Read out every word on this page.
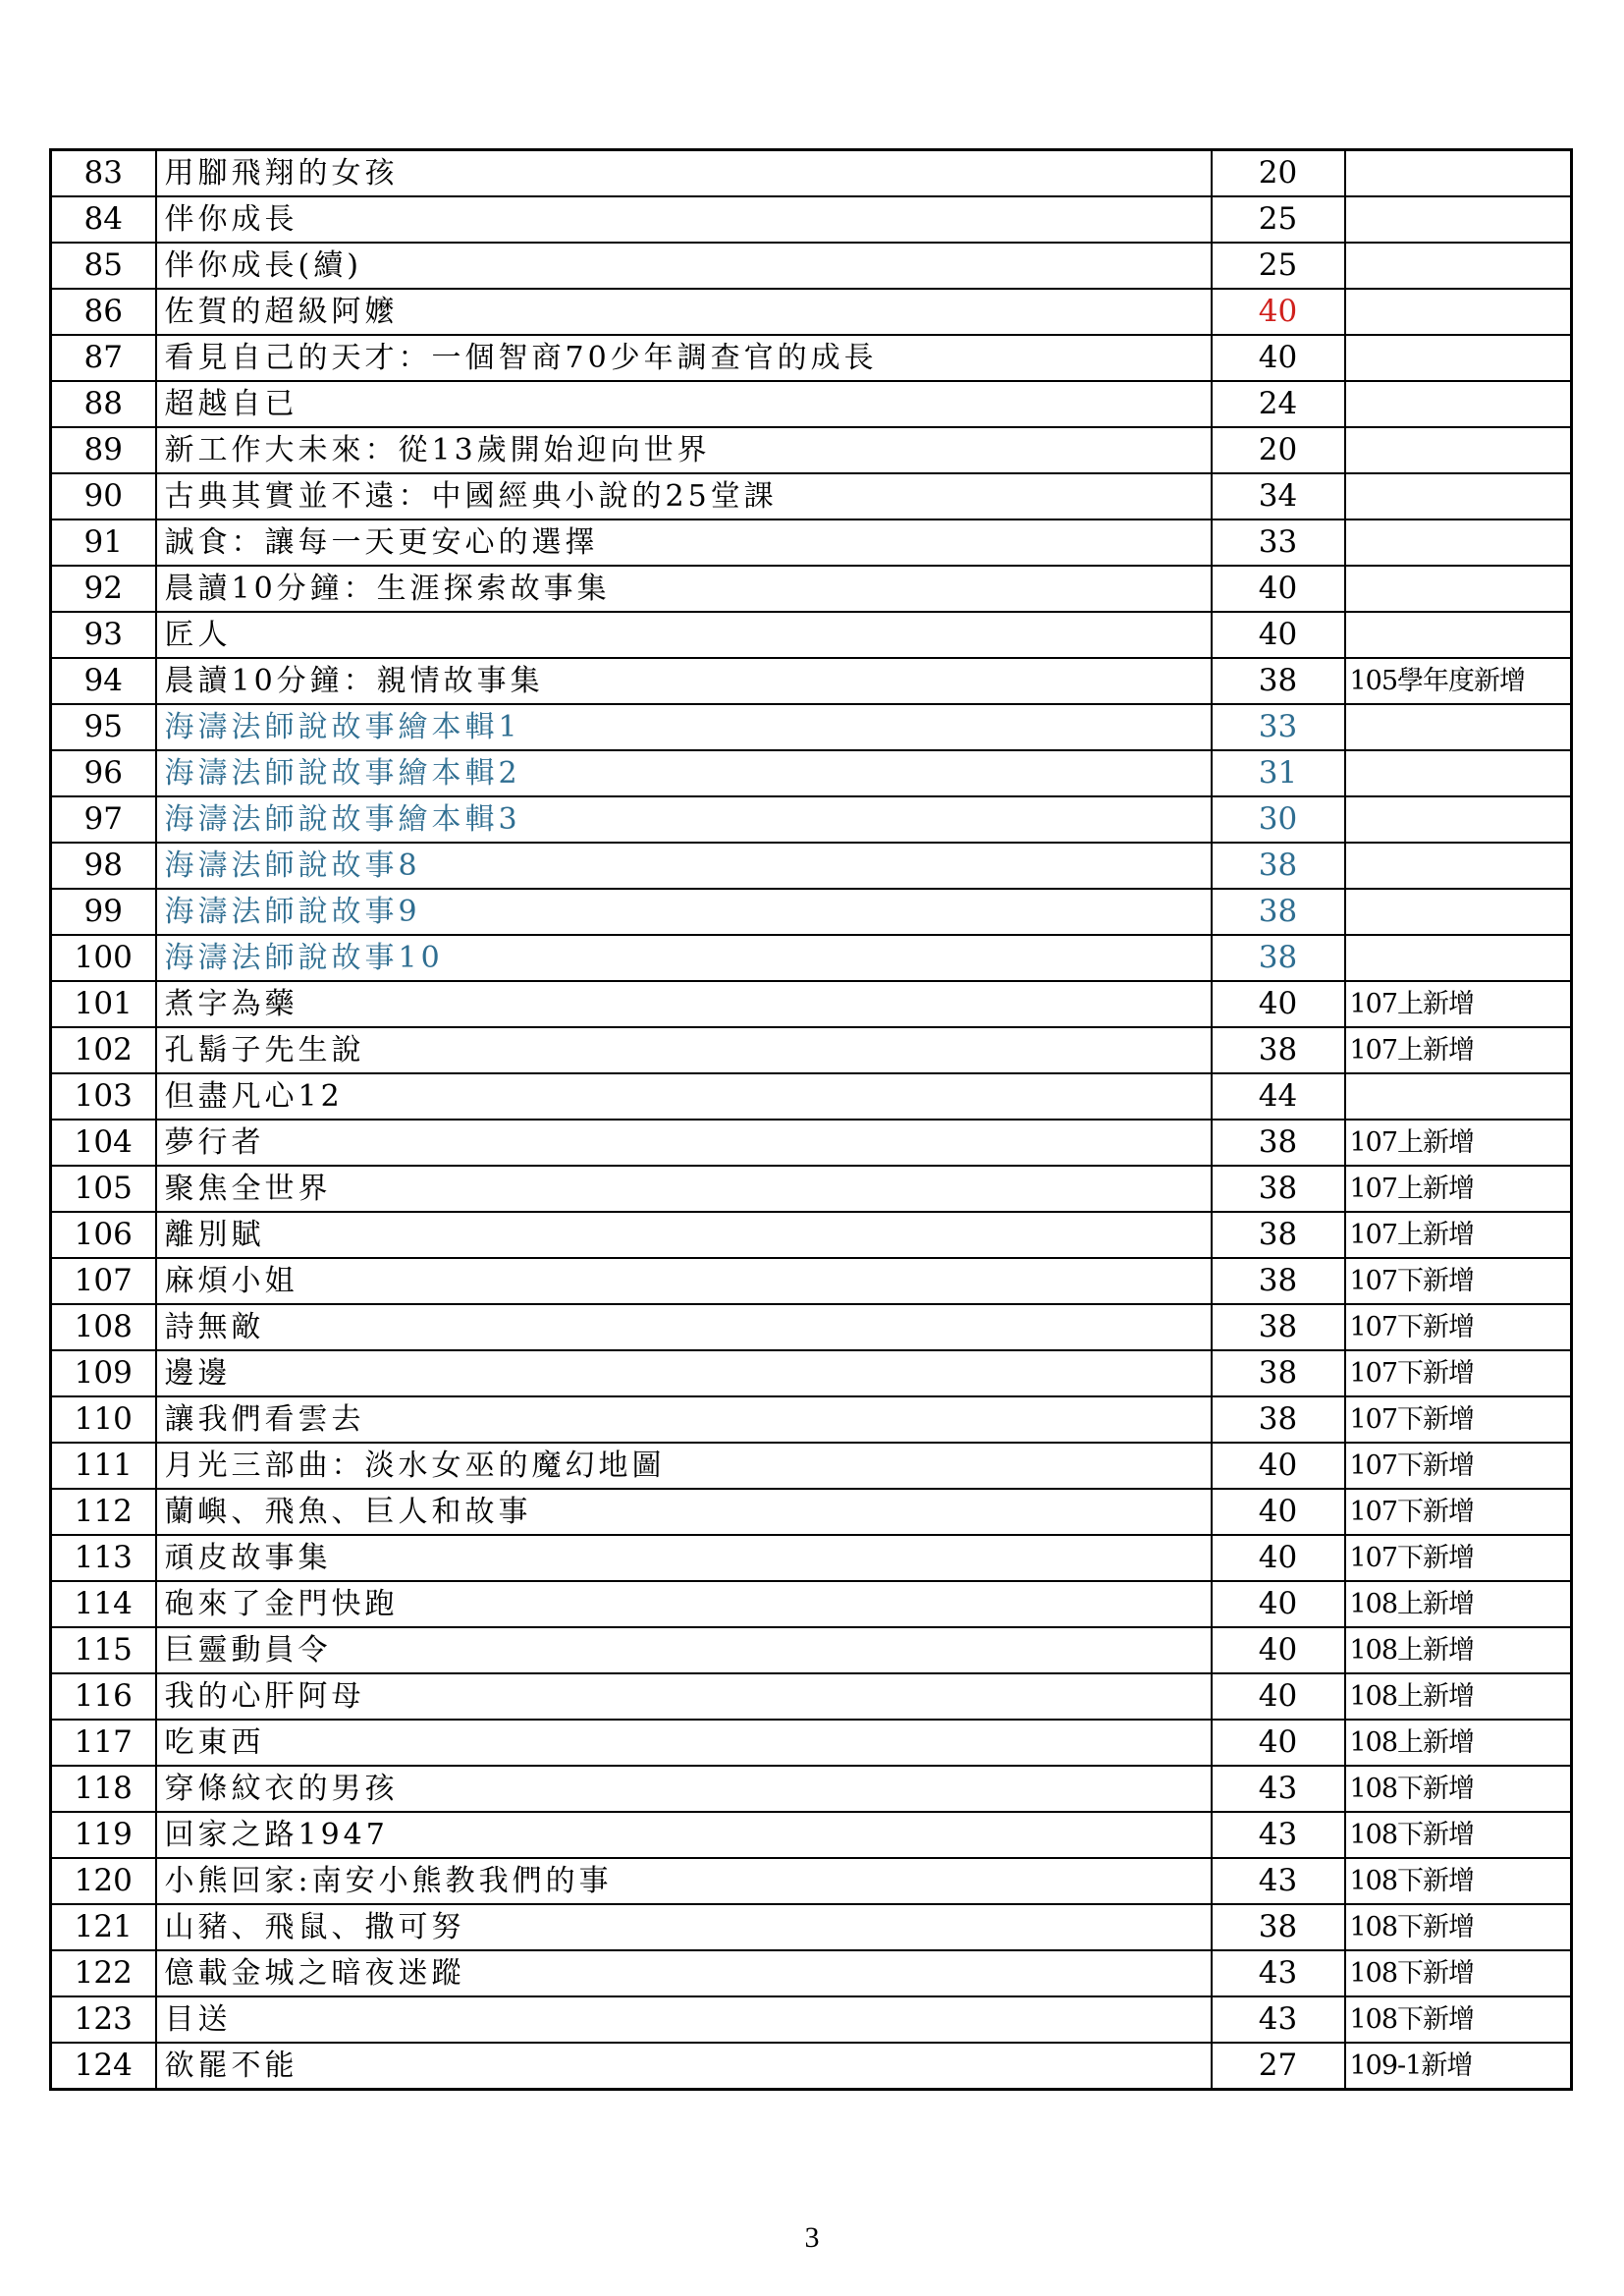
83	用腳飛翔的女孩	20	
84	伴你成長	25	
85	伴你成長(續)	25	
86	佐賀的超級阿嬤	40	
87	看見自己的天才：一個智商70少年調查官的成長	40	
88	超越自已	24	
89	新工作大未來：從13歲開始迎向世界	20	
90	古典其實並不遠：中國經典小說的25堂課	34	
91	誠食：讓每一天更安心的選擇	33	
92	晨讀10分鐘：生涯探索故事集	40	
93	匠人	40	
94	晨讀10分鐘：親情故事集	38	105學年度新增
95	海濤法師說故事繪本輯1	33	
96	海濤法師說故事繪本輯2	31	
97	海濤法師說故事繪本輯3	30	
98	海濤法師說故事8	38	
99	海濤法師說故事9	38	
100	海濤法師說故事10	38	
101	煮字為藥	40	107上新增
102	孔鬍子先生說	38	107上新增
103	但盡凡心12	44	
104	夢行者	38	107上新增
105	聚焦全世界	38	107上新增
106	離別賦	38	107上新增
107	麻煩小姐	38	107下新增
108	詩無敵	38	107下新增
109	邊邊	38	107下新增
110	讓我們看雲去	38	107下新增
111	月光三部曲：淡水女巫的魔幻地圖	40	107下新增
112	蘭嶼、飛魚、巨人和故事	40	107下新增
113	頑皮故事集	40	107下新增
114	砲來了金門快跑	40	108上新增
115	巨靈動員令	40	108上新增
116	我的心肝阿母	40	108上新增
117	吃東西	40	108上新增
118	穿條紋衣的男孩	43	108下新增
119	回家之路1947	43	108下新增
120	小熊回家:南安小熊教我們的事	43	108下新增
121	山豬、飛鼠、撒可努	38	108下新增
122	億載金城之暗夜迷蹤	43	108下新增
123	目送	43	108下新增
124	欲罷不能	27	109-1新增
3
